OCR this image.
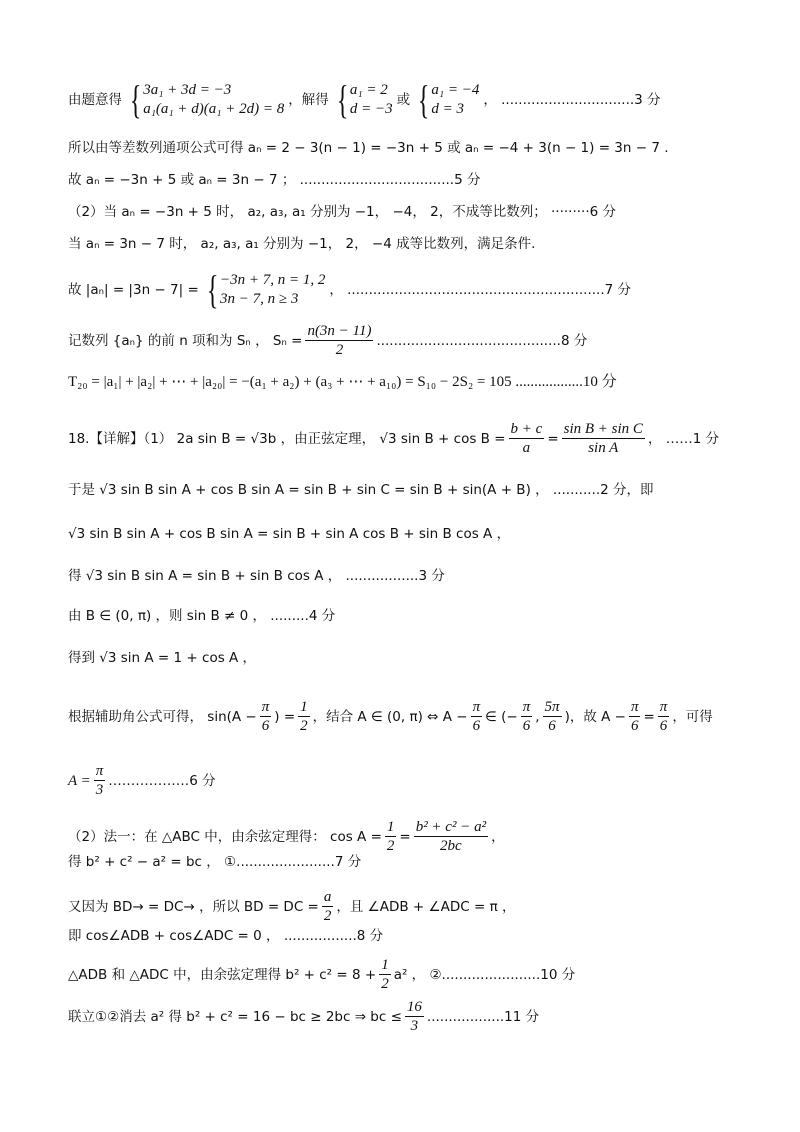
由题意得 { 3a₁ + 3d = −3
a₁(a₁ + d)(a₁ + 2d) = 8
，解得 { a₁ = 2
d = −3
或 { a₁ = −4
d = 3
， ...............................3 分
所以由等差数列通项公式可得 aₙ = 2 − 3(n − 1) = −3n + 5 或 aₙ = −4 + 3(n − 1) = 3n − 7 .
故 aₙ = −3n + 5 或 aₙ = 3n − 7 ； ....................................5 分
（2）当 aₙ = −3n + 5 时， a₂, a₃, a₁ 分别为 −1， −4， 2，不成等比数列； ·········6 分
当 aₙ = 3n − 7 时， a₂, a₃, a₁ 分别为 −1， 2， −4 成等比数列，满足条件.
故 |aₙ| = |3n − 7| = { −3n + 7, n = 1, 2
3n − 7, n ≥ 3
， ............................................................7 分
记数列 {aₙ} 的前 n 项和为 Sₙ ， $S_n = \frac{n(3n - 11)}{2} ...........................................8$ 分
T₂₀ = |a₁| + |a₂| + ⋯ + |a₂₀| = −(a₁ + a₂) + (a₃ + ⋯ + a₁₀) = S₁₀ − 2S₂ = 105 ..................10 分
18.【详解】（1） 2a sin B = √3b ，由正弦定理， √3 $\sin B + \cos B = \frac{b + c}{a} = \frac{\text{sin B + sin C}}{\text{sin A}}$ ， ……1 分
于是 √3 sin B sin A + cos B sin A = sin B + sin C = sin B + sin(A + B) ， ...........2 分，即
√3 sin B sin A + cos B sin A = sin B + sin A cos B + sin B cos A ，
得 √3 sin B sin A = sin B + sin B cos A ， .................3 分
由 B ∈ (0, π) ，则 sin B ≠ 0 ， .........4 分
得到 √3 sin A = 1 + cos A ，
根据辅助角公式可得， $\sin(A - \frac{\pi}{6}$ ) = $\frac{1}{2}$ ，结合 A ∈ (0, π) ⇔ $A - \frac{\pi}{6}$ ∈ (− $\frac{\pi}{6}$ , $\frac{5\pi}{6}$ )，故 $A - \frac{\pi}{6} = \frac{\pi}{6}$ ，可得
$A = \frac{\pi}{3}$ ………………6 分
（2）法一：在 △ABC 中，由余弦定理得： $\cos A = \frac{1}{2} = \frac{\text{b² + c² − a²}}{2bc}$ ，
得 b² + c² − a² = bc ， ①.......................7 分
又因为 BD→ = DC→ ，所以 BD = DC = $\frac{a}{2}$ ，且 ∠ADB + ∠ADC = π ，
即 cos∠ADB + cos∠ADC = 0 ， .................8 分
△ADB 和 △ADC 中，由余弦定理得 $b^2 + c^2 = 8 + \frac{1}{2} a^2$ ， ②.......................10 分
联立①②消去 a² 得 b² + c² = 16 − bc ≥ 2bc ⇒ bc ≤ $\frac{16}{3} ..................11$ 分
